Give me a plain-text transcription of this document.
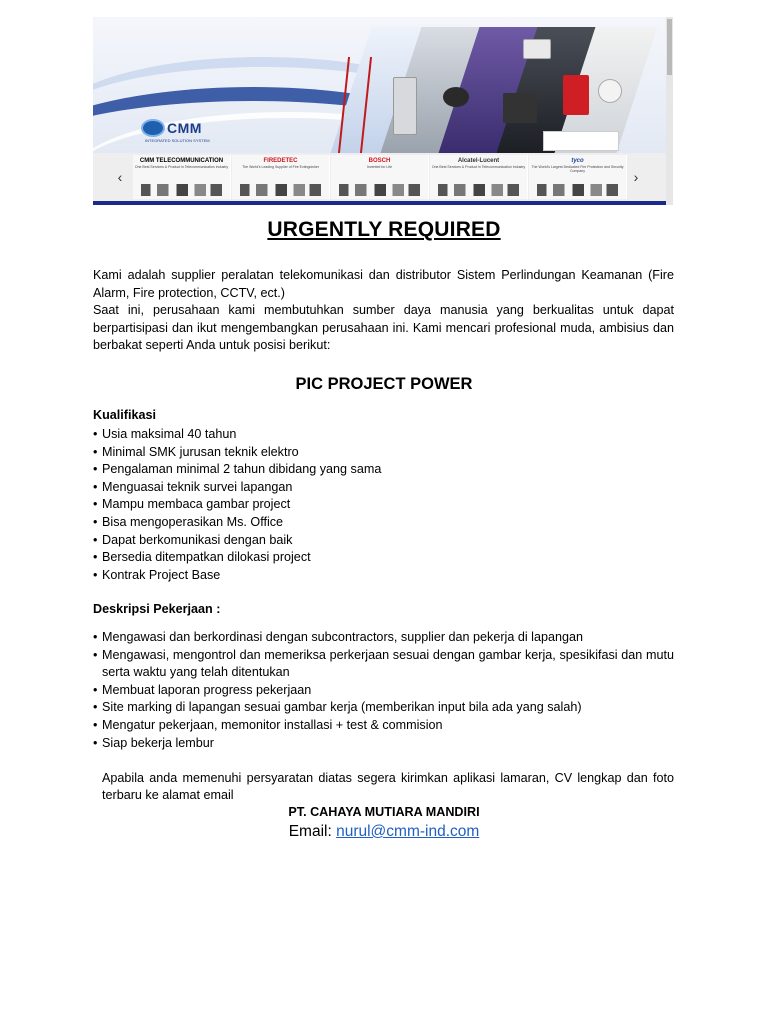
CMM
INTEGRATED SOLUTION SYSTEM
‹
CMM TELECOMMUNICATION
One Best Services & Product in Telecommunication Industry
FIREDETEC
The World's Leading Supplier of Fire Extinguisher
BOSCH
Invented for Life
Alcatel-Lucent
One Best Services & Product in Telecommunication Industry
tyco
The World's Largest Dedicated Fire Protection and Security Company	›
URGENTLY REQUIRED
Kami adalah supplier peralatan telekomunikasi dan distributor Sistem Perlindungan Keamanan (Fire Alarm, Fire protection, CCTV, ect.)
Saat ini, perusahaan kami membutuhkan sumber daya manusia yang berkualitas untuk dapat berpartisipasi dan ikut mengembangkan perusahaan ini. Kami mencari profesional muda, ambisius dan berbakat seperti Anda untuk posisi berikut:
PIC PROJECT POWER
Kualifikasi
• Usia maksimal 40 tahun
• Minimal SMK jurusan teknik elektro
• Pengalaman minimal 2 tahun dibidang yang sama
• Menguasai teknik survei lapangan
• Mampu membaca gambar project
• Bisa mengoperasikan Ms. Office
• Dapat berkomunikasi dengan baik
• Bersedia ditempatkan dilokasi project
• Kontrak Project Base
Deskripsi Pekerjaan :
• Mengawasi dan berkordinasi dengan subcontractors, supplier dan pekerja di lapangan
• Mengawasi, mengontrol dan memeriksa perkerjaan sesuai dengan gambar kerja, spesikifasi dan mutu serta waktu yang telah ditentukan
• Membuat laporan progress pekerjaan
• Site marking di lapangan sesuai gambar kerja (memberikan input bila ada yang salah)
• Mengatur pekerjaan, memonitor installasi + test & commision
• Siap bekerja lembur
Apabila anda memenuhi persyaratan diatas segera kirimkan aplikasi lamaran, CV lengkap dan foto terbaru ke alamat email
PT. CAHAYA MUTIARA MANDIRI
Email: nurul@cmm-ind.com
